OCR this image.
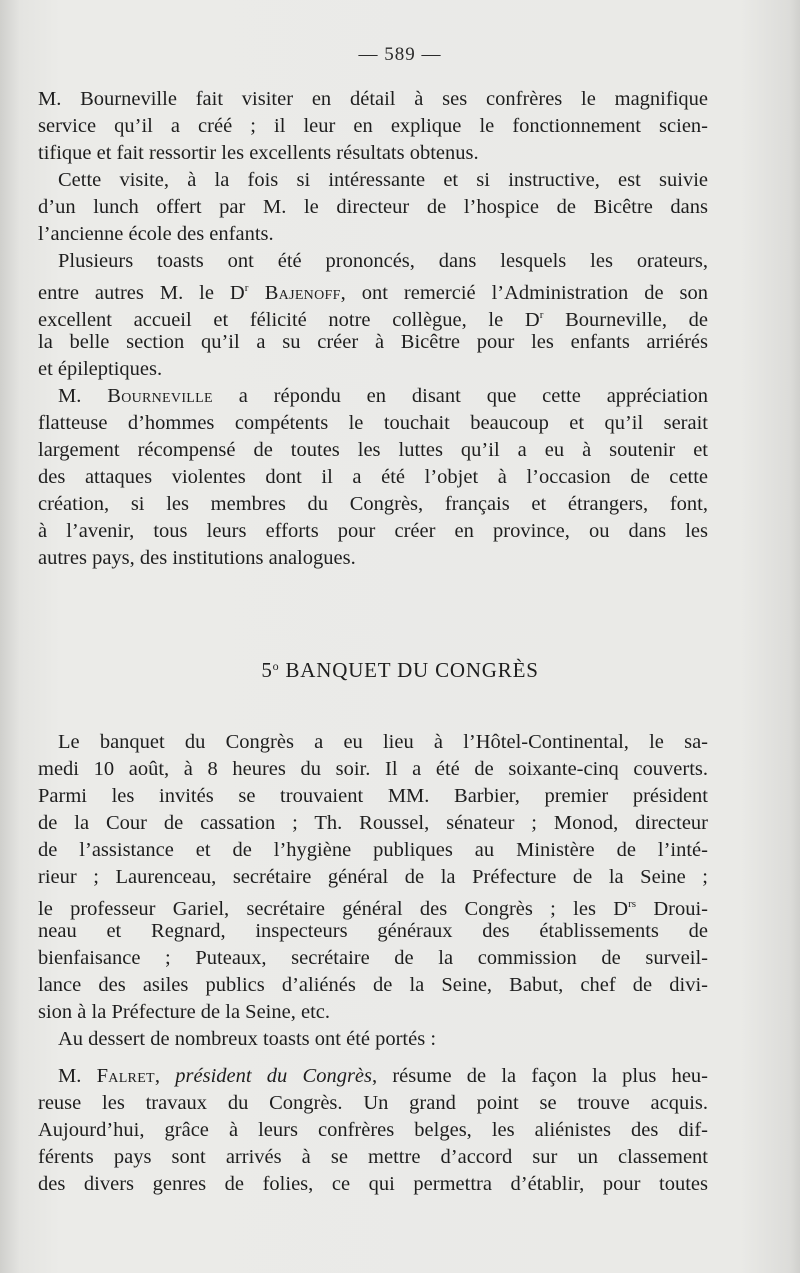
— 589 —
M. Bourneville fait visiter en détail à ses confrères le magnifique
service qu’il a créé ; il leur en explique le fonctionnement scien-
tifique et fait ressortir les excellents résultats obtenus.
Cette visite, à la fois si intéressante et si instructive, est suivie
d’un lunch offert par M. le directeur de l’hospice de Bicêtre dans
l’ancienne école des enfants.
Plusieurs toasts ont été prononcés, dans lesquels les orateurs,
entre autres M. le $D^r$ Bajenoff, ont remercié l’Administration de son
excellent accueil et félicité notre collègue, le $D^r$ Bourneville, de
la belle section qu’il a su créer à Bicêtre pour les enfants arriérés
et épileptiques.
M. Bourneville a répondu en disant que cette appréciation
flatteuse d’hommes compétents le touchait beaucoup et qu’il serait
largement récompensé de toutes les luttes qu’il a eu à soutenir et
des attaques violentes dont il a été l’objet à l’occasion de cette
création, si les membres du Congrès, français et étrangers, font,
à l’avenir, tous leurs efforts pour créer en province, ou dans les
autres pays, des institutions analogues.
5$^o$ BANQUET DU CONGRÈS
Le banquet du Congrès a eu lieu à l’Hôtel-Continental, le sa-
medi 10 août, à 8 heures du soir. Il a été de soixante-cinq couverts.
Parmi les invités se trouvaient MM. Barbier, premier président
de la Cour de cassation ; Th. Roussel, sénateur ; Monod, directeur
de l’assistance et de l’hygiène publiques au Ministère de l’inté-
rieur ; Laurenceau, secrétaire général de la Préfecture de la Seine ;
le professeur Gariel, secrétaire général des Congrès ; les $D^{rs}$ Droui-
neau et Regnard, inspecteurs généraux des établissements de
bienfaisance ; Puteaux, secrétaire de la commission de surveil-
lance des asiles publics d’aliénés de la Seine, Babut, chef de divi-
sion à la Préfecture de la Seine, etc.
Au dessert de nombreux toasts ont été portés :
M. Falret, président du Congrès, résume de la façon la plus heu-
reuse les travaux du Congrès. Un grand point se trouve acquis.
Aujourd’hui, grâce à leurs confrères belges, les aliénistes des dif-
férents pays sont arrivés à se mettre d’accord sur un classement
des divers genres de folies, ce qui permettra d’établir, pour toutes
